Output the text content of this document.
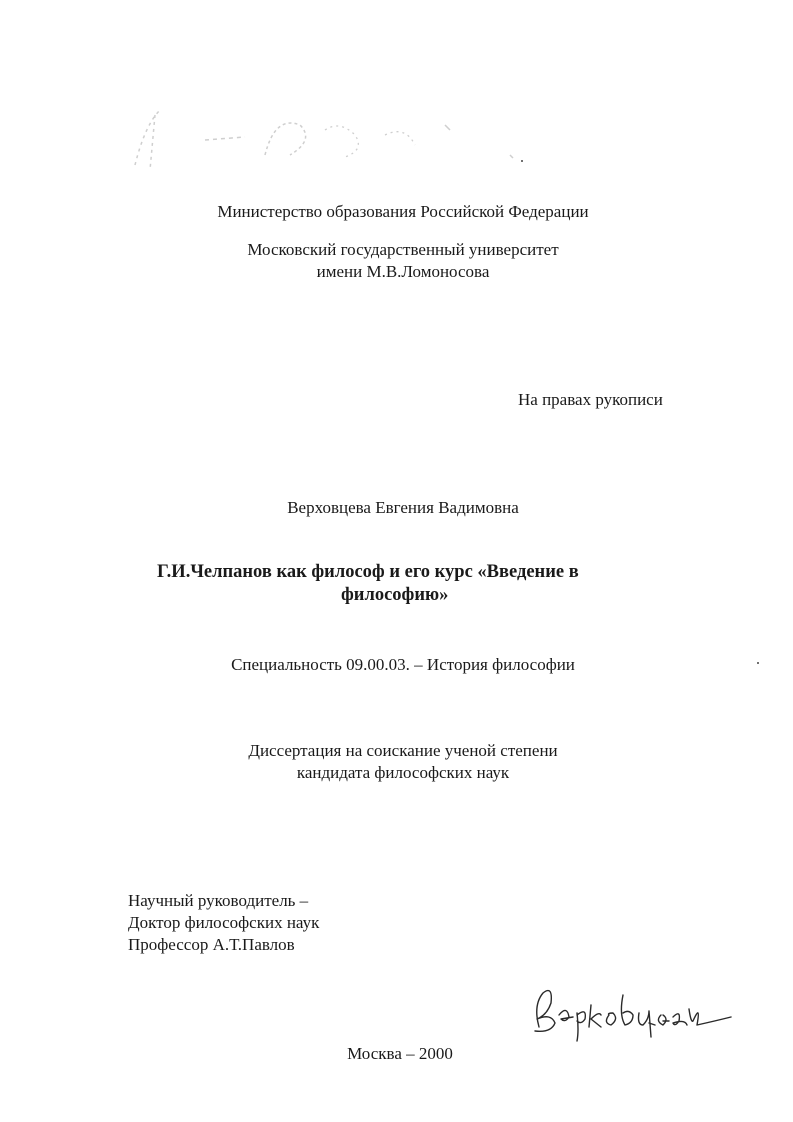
Министерство образования Российской Федерации
Московский государственный университет
имени М.В.Ломоносова
На правах рукописи
Верховцева Евгения Вадимовна
Г.И.Челпанов как философ и его курс «Введение в
философию»
Специальность 09.00.03. – История философии
Диссертация на соискание ученой степени
кандидата философских наук
Научный руководитель –
Доктор философских наук
Профессор А.Т.Павлов
Москва – 2000
